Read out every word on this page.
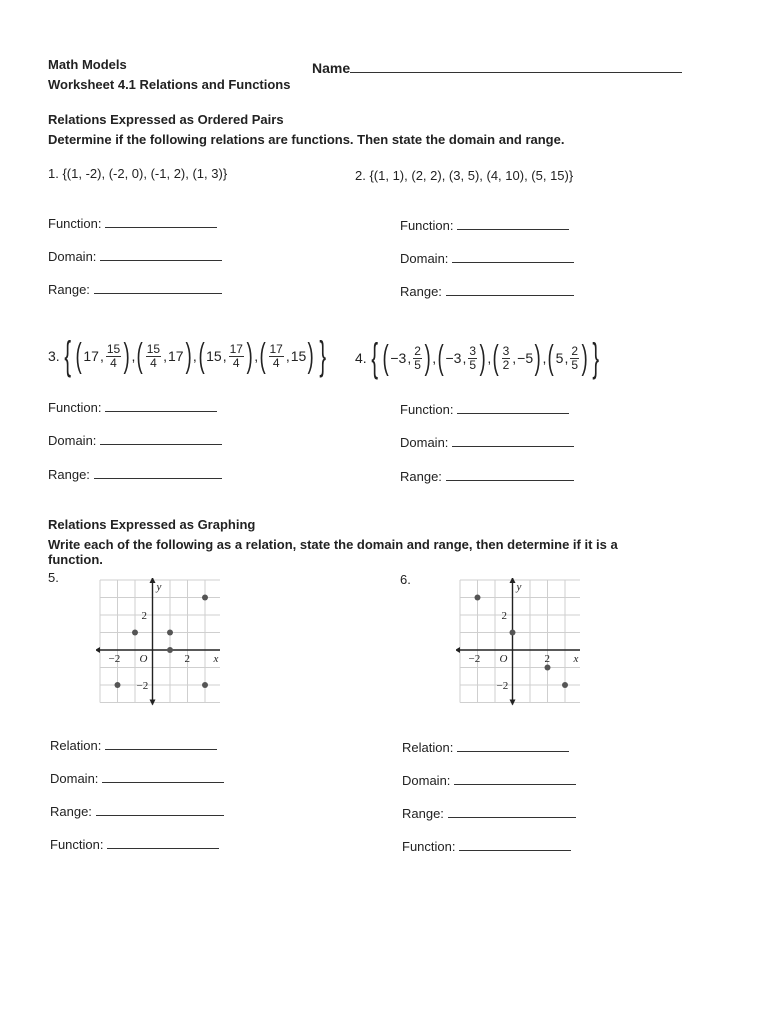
Math Models	Name
Worksheet 4.1 Relations and Functions
Relations Expressed as Ordered Pairs
Determine if the following relations are functions. Then state the domain and range.
1. {(1, -2), (-2, 0), (-1, 2), (1, 3)}	2. {(1, 1), (2, 2), (3, 5), (4, 10), (5, 15)}
Function:
Domain:
Range:
Function:
Domain:
Range:
3. { ( 17 , $\frac{15}{4}$ ) , ( $\frac{15}{4}$ , 17 ) , ( 15 , $\frac{17}{4}$ ) , ( $\frac{17}{4}$ , 15 ) } 4. { ( −3 , $\frac{2}{5}$ ) , ( −3 , $\frac{3}{5}$ ) , ( $\frac{3}{2}$ , −5 ) , ( 5 , $\frac{2}{5}$ ) }
Function:
Domain:
Range:
Function:
Domain:
Range:
Relations Expressed as Graphing
Write each of the following as a relation, state the domain and range, then determine if it is a
function.
5.	6.
y
x
O	2
−2
2
−2
y
x
O	2
−2
2
−2
Relation:
Domain:
Range:
Function:
Relation:
Domain:
Range:
Function:
